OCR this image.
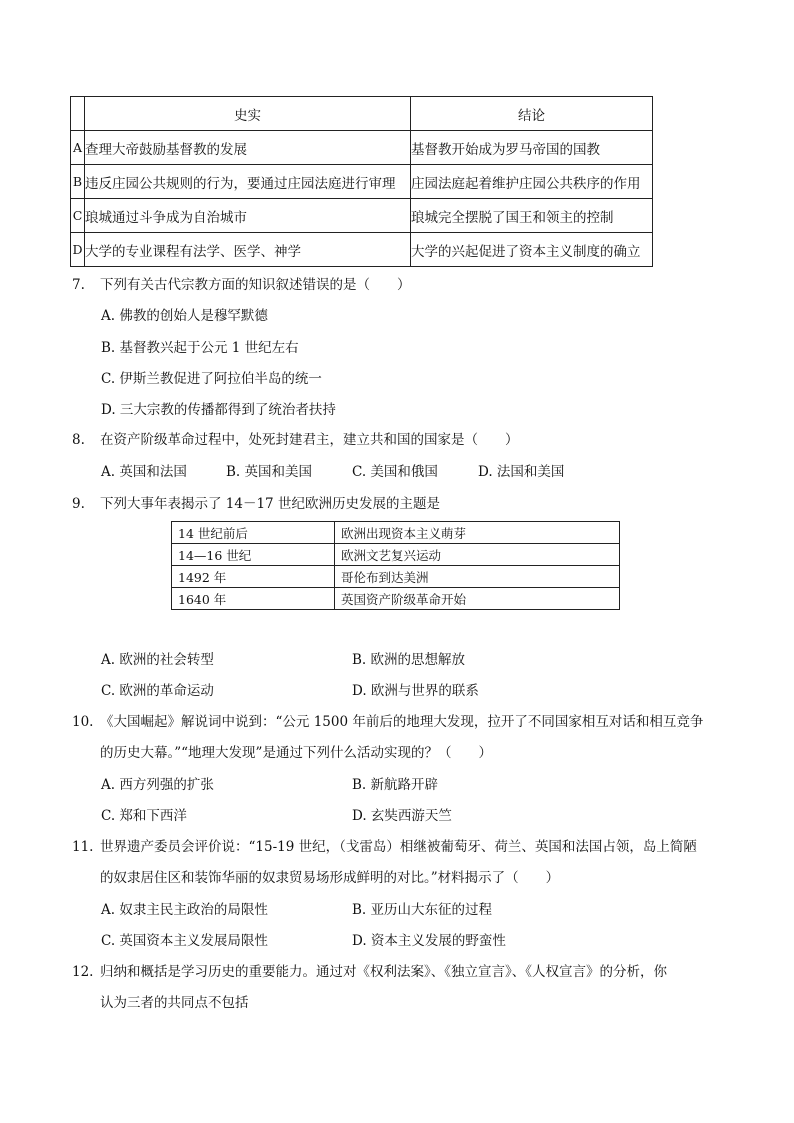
	史实	结论
A	查理大帝鼓励基督教的发展	基督教开始成为罗马帝国的国教
B	违反庄园公共规则的行为，要通过庄园法庭进行审理	庄园法庭起着维护庄园公共秩序的作用
C	琅城通过斗争成为自治城市	琅城完全摆脱了国王和领主的控制
D	大学的专业课程有法学、医学、神学	大学的兴起促进了资本主义制度的确立
7. 下列有关古代宗教方面的知识叙述错误的是（　　）
A. 佛教的创始人是穆罕默德
B. 基督教兴起于公元 1 世纪左右
C. 伊斯兰教促进了阿拉伯半岛的统一
D. 三大宗教的传播都得到了统治者扶持
8. 在资产阶级革命过程中，处死封建君主，建立共和国的国家是（　　）
A. 英国和法国	B. 英国和美国	C. 美国和俄国	D. 法国和美国
9. 下列大事年表揭示了 14－17 世纪欧洲历史发展的主题是
14 世纪前后	欧洲出现资本主义萌芽
14—16 世纪	欧洲文艺复兴运动
1492 年	哥伦布到达美洲
1640 年	英国资产阶级革命开始
A. 欧洲的社会转型	B. 欧洲的思想解放
C. 欧洲的革命运动	D. 欧洲与世界的联系
10. 《大国崛起》解说词中说到：“公元 1500 年前后的地理大发现，拉开了不同国家相互对话和相互竞争
的历史大幕。”“地理大发现”是通过下列什么活动实现的？（　　）
A. 西方列强的扩张	B. 新航路开辟
C. 郑和下西洋	D. 玄奘西游天竺
11. 世界遗产委员会评价说：“15-19 世纪，（戈雷岛）相继被葡萄牙、荷兰、英国和法国占领，岛上简陋
的奴隶居住区和装饰华丽的奴隶贸易场形成鲜明的对比。”材料揭示了（　　）
A. 奴隶主民主政治的局限性	B. 亚历山大东征的过程
C. 英国资本主义发展局限性	D. 资本主义发展的野蛮性
12. 归纳和概括是学习历史的重要能力。通过对《权利法案》、《独立宣言》、《人权宣言》的分析，你
认为三者的共同点不包括
